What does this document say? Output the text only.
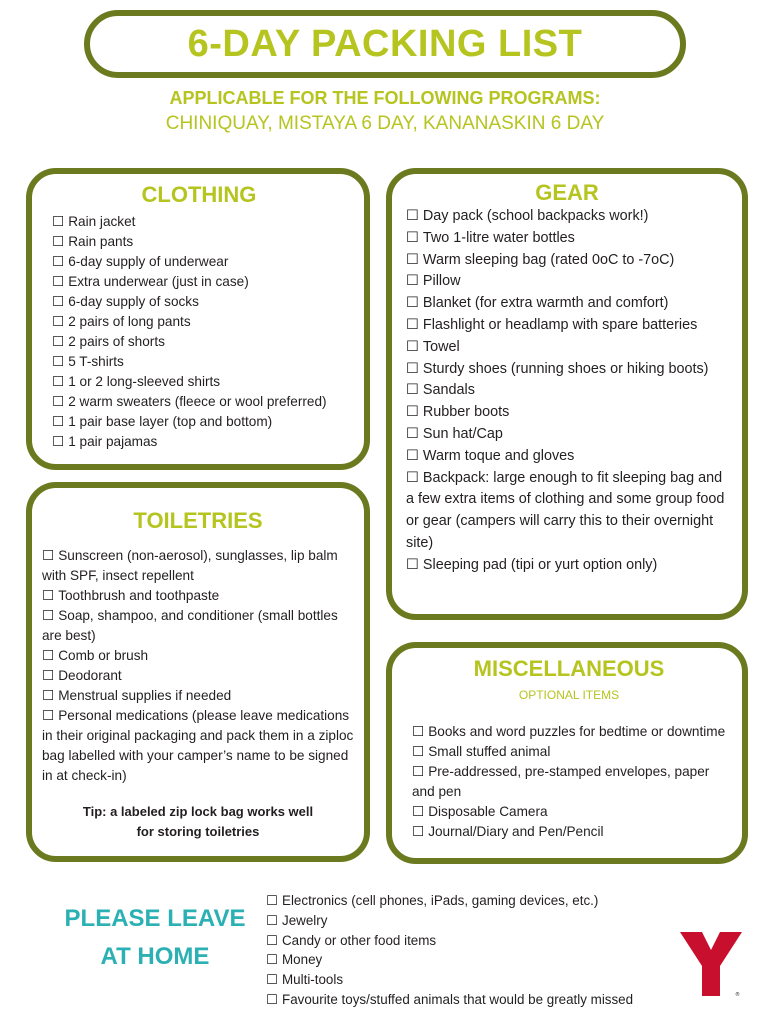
6-DAY PACKING LIST
APPLICABLE FOR THE FOLLOWING PROGRAMS:
CHINIQUAY, MISTAYA 6 DAY, KANANASKIN 6 DAY
CLOTHING
☐ Rain jacket
☐ Rain pants
☐ 6-day supply of underwear
☐ Extra underwear (just in case)
☐ 6-day supply of socks
☐ 2 pairs of long pants
☐ 2 pairs of shorts
☐ 5 T-shirts
☐ 1 or 2 long-sleeved shirts
☐ 2 warm sweaters (fleece or wool preferred)
☐ 1 pair base layer (top and bottom)
☐ 1 pair pajamas
GEAR
☐ Day pack (school backpacks work!)
☐ Two 1-litre water bottles
☐ Warm sleeping bag (rated 0oC to -7oC)
☐ Pillow
☐ Blanket (for extra warmth and comfort)
☐ Flashlight or headlamp with spare batteries
☐ Towel
☐ Sturdy shoes (running shoes or hiking boots)
☐ Sandals
☐ Rubber boots
☐ Sun hat/Cap
☐ Warm toque and gloves
☐ Backpack: large enough to fit sleeping bag and a few extra items of clothing and some group food or gear (campers will carry this to their overnight site)
☐ Sleeping pad (tipi or yurt option only)
TOILETRIES
☐ Sunscreen (non-aerosol), sunglasses, lip balm with SPF, insect repellent
☐ Toothbrush and toothpaste
☐ Soap, shampoo, and conditioner (small bottles are best)
☐ Comb or brush
☐ Deodorant
☐ Menstrual supplies if needed
☐ Personal medications (please leave medications in their original packaging and pack them in a ziploc bag labelled with your camper’s name to be signed in at check-in)
Tip: a labeled zip lock bag works well
for storing toiletries
MISCELLANEOUS
OPTIONAL ITEMS
☐ Books and word puzzles for bedtime or downtime
☐ Small stuffed animal
☐ Pre-addressed, pre-stamped envelopes, paper and pen
☐ Disposable Camera
☐ Journal/Diary and Pen/Pencil
PLEASE LEAVE
AT HOME
☐ Electronics (cell phones, iPads, gaming devices, etc.)
☐ Jewelry
☐ Candy or other food items
☐ Money
☐ Multi-tools
☐ Favourite toys/stuffed animals that would be greatly missed	®
